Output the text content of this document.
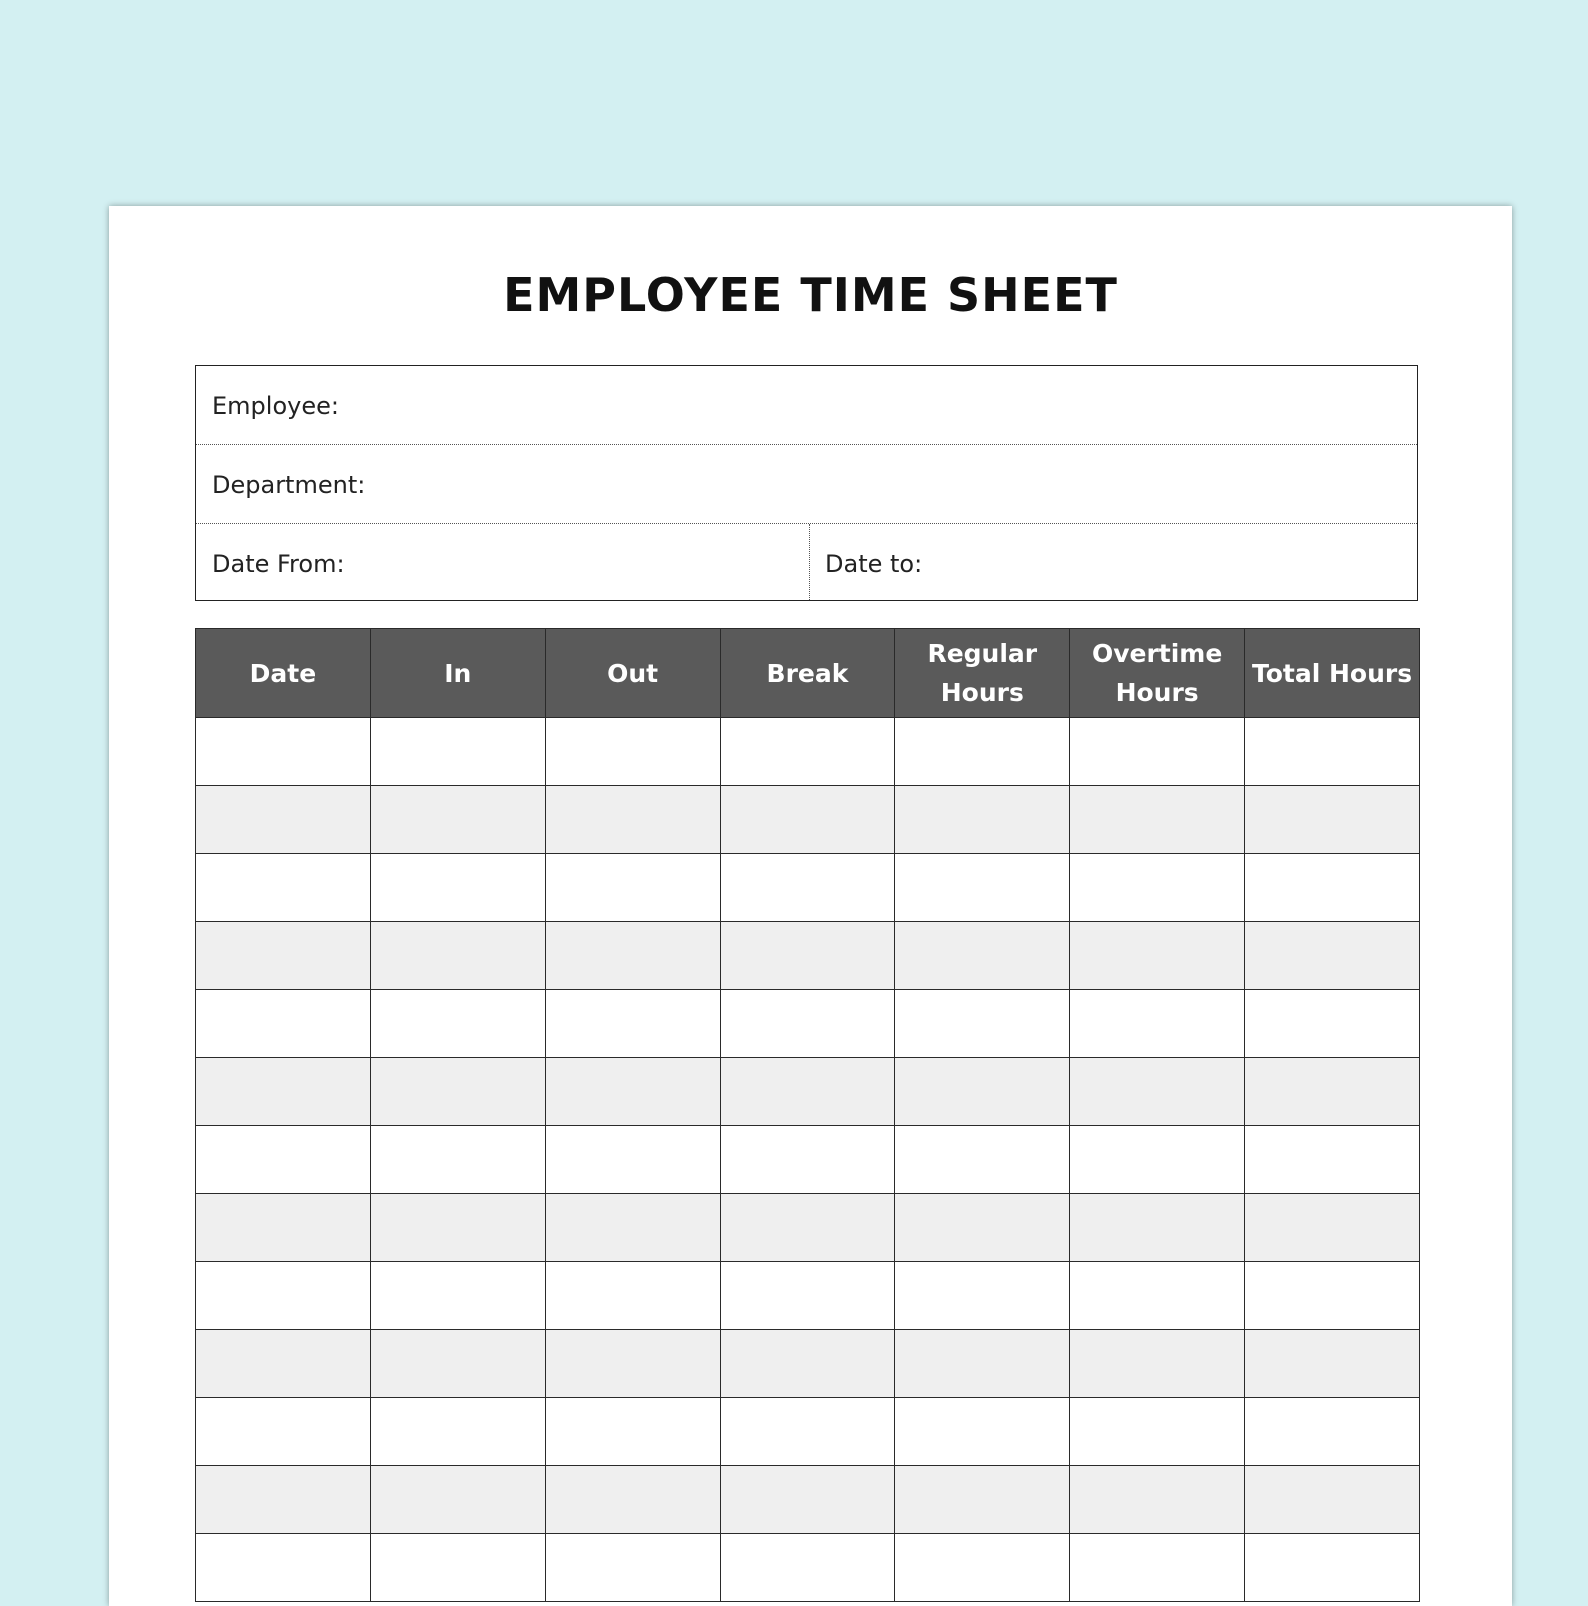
EMPLOYEE TIME SHEET
Employee:
Department:
Date From:	Date to:
Date	In	Out	Break	Regular Hours	Overtime Hours	Total Hours
